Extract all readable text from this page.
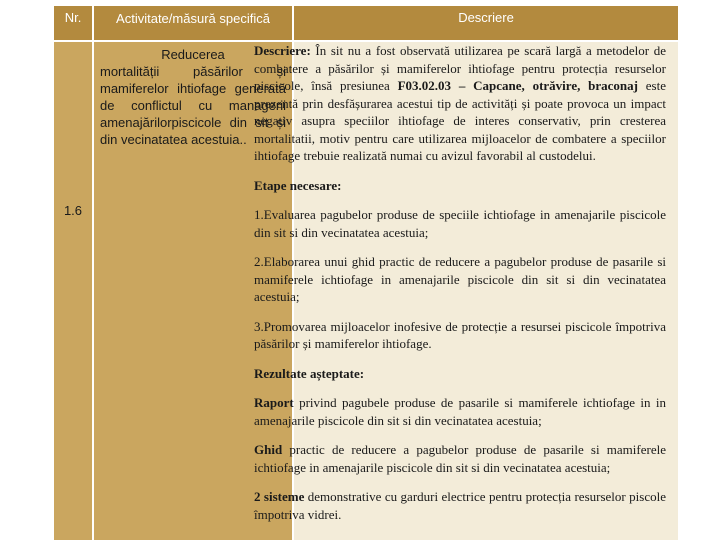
Nr.	Activitate/măsură specifică	Descriere
1.6
Reducerea
mortalității păsărilor și mamiferelor ihtiofage generată de conflictul cu managerii amenajărilorpiscicole din sit și din vecinatatea acestuia..

Descriere: În sit nu a fost observată utilizarea pe scară largă a metodelor de combatere a păsărilor și mamiferelor ihtiofage pentru protecția resurselor piscicole, însă presiunea F03.02.03 – Capcane, otrăvire, braconaj este prezentă prin desfășurarea acestui tip de activități și poate provoca un impact negativ asupra speciilor ihtiofage de interes conservativ, prin cresterea mortalitatii, motiv pentru care utilizarea mijloacelor de combatere a speciilor ihtiofage trebuie realizată numai cu avizul favorabil al custodelui.

Etape necesare:

1.Evaluarea pagubelor produse de speciile ichtiofage in amenajarile piscicole din sit si din vecinatatea acestuia;

2.Elaborarea unui ghid practic de reducere a pagubelor produse de pasarile si mamiferele ichtiofage in amenajarile piscicole din sit si din vecinatatea acestuia;

3.Promovarea mijloacelor inofesive de protecție a resursei piscicole împotriva păsărilor și mamiferelor ihtiofage.

Rezultate așteptate:

Raport privind pagubele produse de pasarile si mamiferele ichtiofage in in amenajarile piscicole din sit si din vecinatatea acestuia;

Ghid practic de reducere a pagubelor produse de pasarile si mamiferele ichtiofage in amenajarile piscicole din sit si din vecinatatea acestuia;

2 sisteme demonstrative cu garduri electrice pentru protecția resurselor piscole împotriva vidrei.
